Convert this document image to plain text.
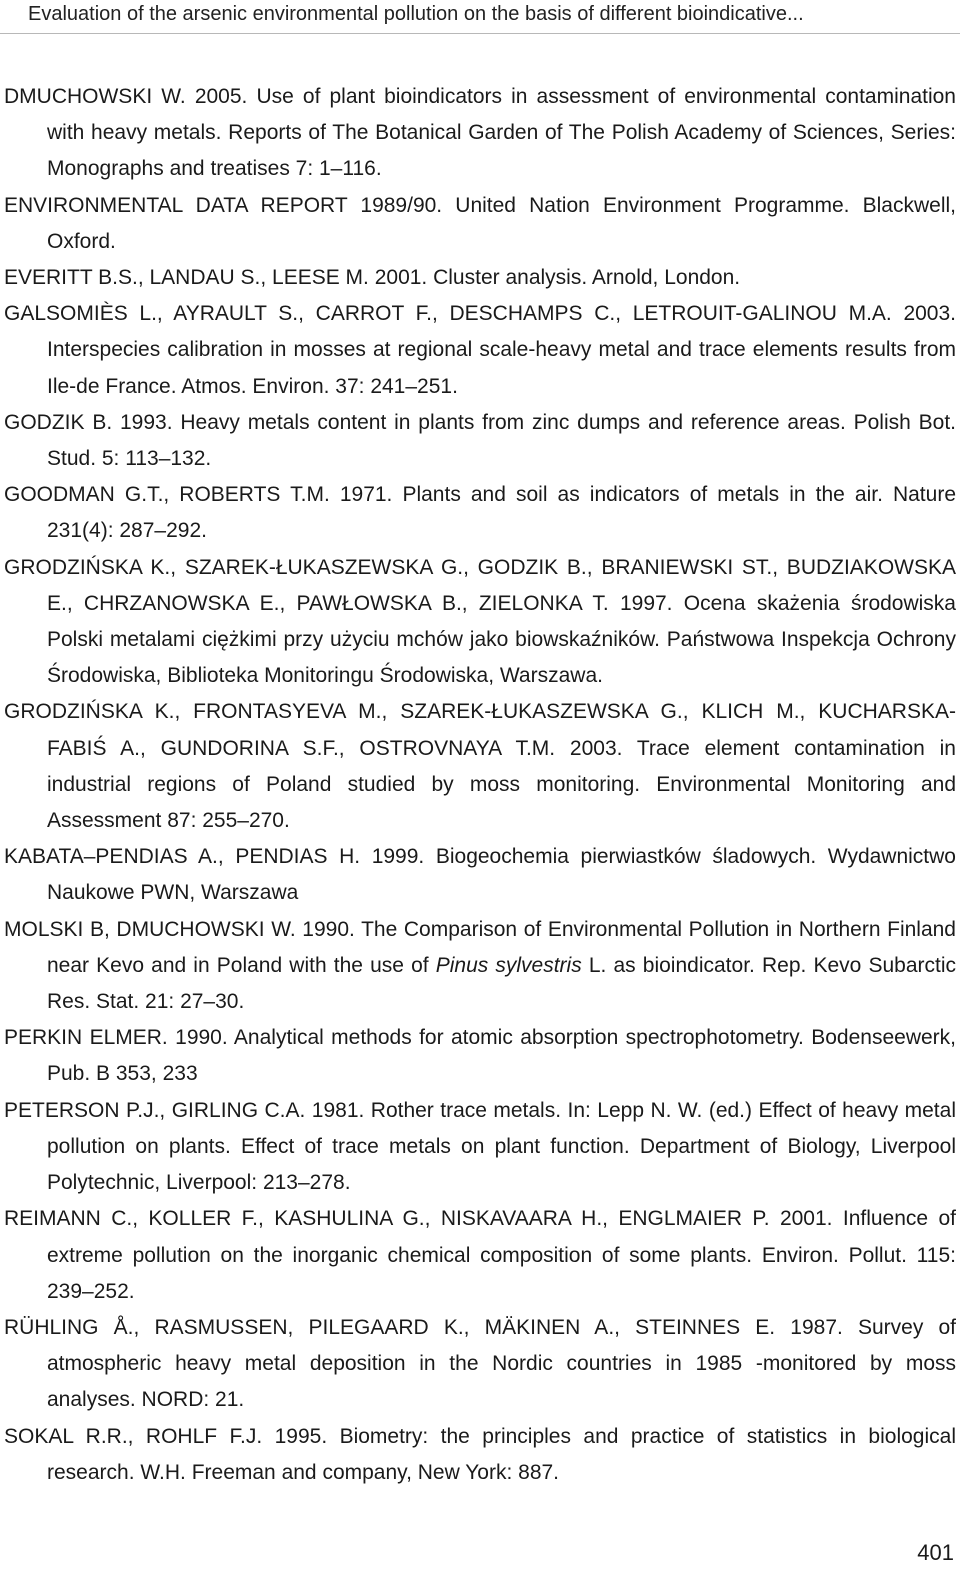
Evaluation of the arsenic environmental pollution on the basis of different bioindicative...
DMUCHOWSKI W. 2005. Use of plant bioindicators in assessment of environmental contamination with heavy metals. Reports of The Botanical Garden of The Polish Academy of Sciences, Series: Monographs and treatises 7: 1–116.
ENVIRONMENTAL DATA REPORT 1989/90. United Nation Environment Programme. Blackwell, Oxford.
EVERITT B.S., LANDAU S., LEESE M. 2001. Cluster analysis. Arnold, London.
GALSOMIÈS L., AYRAULT S., CARROT F., DESCHAMPS C., LETROUIT-GALINOU M.A. 2003. Interspecies calibration in mosses at regional scale-heavy metal and trace elements results from Ile-de France. Atmos. Environ. 37: 241–251.
GODZIK B. 1993. Heavy metals content in plants from zinc dumps and reference areas. Polish Bot. Stud. 5: 113–132.
GOODMAN G.T., ROBERTS T.M. 1971. Plants and soil as indicators of metals in the air. Nature 231(4): 287–292.
GRODZIŃSKA K., SZAREK-ŁUKASZEWSKA G., GODZIK B., BRANIEWSKI ST., BUDZIAKOWSKA E., CHRZANOWSKA E., PAWŁOWSKA B., ZIELONKA T. 1997. Ocena skażenia środowiska Polski metalami ciężkimi przy użyciu mchów jako biowskaźników. Państwowa Inspekcja Ochrony Środowiska, Biblioteka Monitoringu Środowiska, Warszawa.
GRODZIŃSKA K., FRONTASYEVA M., SZAREK-ŁUKASZEWSKA G., KLICH M., KUCHARSKA-FABIŚ A., GUNDORINA S.F., OSTROVNAYA T.M. 2003. Trace element contamination in industrial regions of Poland studied by moss monitoring. Environmental Monitoring and Assessment 87: 255–270.
KABATA–PENDIAS A., PENDIAS H. 1999. Biogeochemia pierwiastków śladowych. Wydawnictwo Naukowe PWN, Warszawa
MOLSKI B, DMUCHOWSKI W. 1990. The Comparison of Environmental Pollution in Northern Finland near Kevo and in Poland with the use of Pinus sylvestris L. as bioindicator. Rep. Kevo Subarctic Res. Stat. 21: 27–30.
PERKIN ELMER. 1990. Analytical methods for atomic absorption spectrophotometry. Bodenseewerk, Pub. B 353, 233
PETERSON P.J., GIRLING C.A. 1981. Rother trace metals. In: Lepp N. W. (ed.) Effect of heavy metal pollution on plants. Effect of trace metals on plant function. Department of Biology, Liverpool Polytechnic, Liverpool: 213–278.
REIMANN C., KOLLER F., KASHULINA G., NISKAVAARA H., ENGLMAIER P. 2001. Influence of extreme pollution on the inorganic chemical composition of some plants. Environ. Pollut. 115: 239–252.
RÜHLING Å., RASMUSSEN, PILEGAARD K., MÄKINEN A., STEINNES E. 1987. Survey of atmospheric heavy metal deposition in the Nordic countries in 1985 -monitored by moss analyses. NORD: 21.
SOKAL R.R., ROHLF F.J. 1995. Biometry: the principles and practice of statistics in biological research. W.H. Freeman and company, New York: 887.
401
